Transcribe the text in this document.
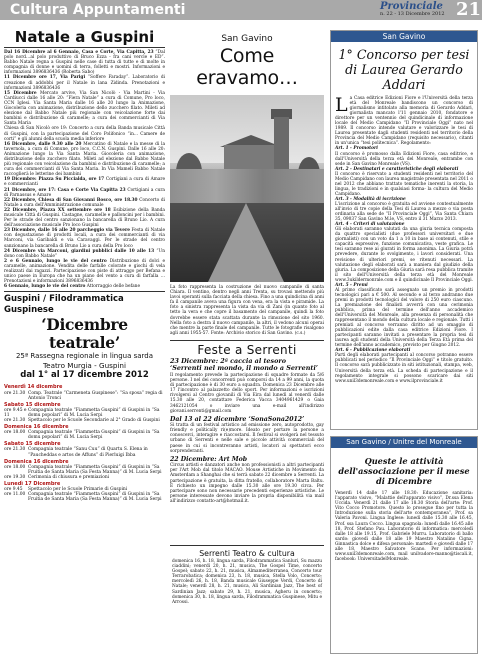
Cultura Appuntamenti	Provinciale
n. 22 - 13 Dicembre 2012 21
Natale a Guspini
Dal 16 Dicembre al 6 Gennaio, Casa e Corte, Via Capitta, 23 “Dal polo nord…al polo produttivo di Bruco Ezza - fra cani vercle e ED”. Babbo Natale regna a Guspini nelle case di tutta di tutte e di molte in compagnia di donne e uomini di terra, folletti e mostri. Informazioni e informazioni 3896836436 (Roberta Sabo)
11 Dicembre ore 17, Via Parigi “Soffere Faraday”. Laboratorio di creazione di addobbi per il Natale in lana Zidinda. Prenotazioni e informazioni 3896836436
15 Dicembre Mercato arvive, Via San Nicolò - Via Martini - Via Cardiucci dalle 16 alle 20: “Fiera Natale” a cura di Comune, Pro loco, CCN Iglesi. Via Santa Maria dalle 16 alle 20 lungo la Animazione, Giocoleria con animazione, distribuzione dello zucchero filato. Mileti ad elezione dal Babbo Natale più regionale con veicolazione forte dai bambini e distribuzione di caramelle; a cura dei commercianti di Via Santa Maria
Chiesa di San Nicolò ore 19: Concerto a cura della Banda musicale Città di Guspini, con la partecipazione del Coro Polifonico “in... Camere de corti” e gli alunni della scuola media inferiore
16 Dicembre, dalle 9.30 alle 20 Mercatino di Natale e la messe di la tavernola, a cura di Comune, pro loco, C.C.N. Guspini. Dalle 16 alle 20: Animazione lungo la Via Santa Maria. Giocoleria con animazione, distribuzione dello zucchero filato. Mileti ad elezione dal Babbo Natale più regionale con veicolazione da bambini e distribuzione di caramelle; a cura dei commercianti di Via Santa Maria. In Via Mameli Babbo Natale raccoglierà le letterine dei bambini
19 Dicembre: Piazza Su Piccialda, ore 17 Cortigiani a cura di Amare e commercianti
21 Dicembre, ore 17: Casa e Corte Via Capitta 23 Cortigiani a cura di Parnassus e Amare
22 Dicembre, Chiesa di San Giovanni Bosco, ore 18.30 Concerto di Natale a cura dell'Amministrazione comunale
22 Dicembre, Piazza XX settembre ore 18 Esibizione della Banda musicale Città di Guspini. Castagne, caramelle e palloncini per i bambini. Per le strade del centro sanzionano la bancarella di Bruno Lio. A cura dell'associazione musicale Pro loco Guspini
23 Dicembre, dalle 16 alle 20 parcheggio via Tevere Festa di Natale con degustazione di prodotti locali, a cura dei commercianti di via Marconi, via Garibaldi e via Caravaggi. Per le strade del centro sanzionano la bancarella di Bruno Lio a cura della Pro loco
24 Dicembre via Marconi, giardini pubblici dalle 10 alle 13 “Un dono con Babbo Natale”
2 e 6 Gennaio, lungo le vie del centro Distribuzione di dolci e caramelle, animazione. Vendita delle farfalle colorate e giochi di vela realizzati dai ragazzi. Partecipazione con piste di attraggo per Befana e unico paese in Europa che ha un piano del vento a cura di farfalla … Prenotazioni e informazioni 3896836436
6 Gennaio, lungo le vie del centro Attorraggio delle befane
Guspini / Filodrammatica Guspinese
‘Dicembre teatrale’
25ª Rassegna regionale in lingua sarda
Teatro Murgia - Guspini
dal 1° al 17 dicembre 2012
Venerdì 14 dicembre	
ore 21.30	Comp. Teatrale “Carmeneta Guspinese”: “Sa sposa” regia di Antonio Tronci
Sabato 15 dicembre	
ore 9.45 e 11	Compagnia teatrale “Fiammetta Guspini” di Guspini in “Sa domu popolari” di M. Lucia Serpi
ore 21.30	Spettacolo per le Scuole Secondarie al 2° Grado di Guspini
Domenica 16 dicembre	
ore 18.00	Compagnia teatrale “Fiammetta Guspini” di Guspini in “Sa domu popolari” di M. Lucia Serpi
Sabato 15 dicembre	
ore 21.30	Compagnia teatrale “Sanu Cuu” di Quartu S. Elena in “Paucheddas e artos de Affuns” di Pierluigi Ibba
Domenica 16 dicembre	
ore 18.00	Compagnia teatrale “Fiammetta Guspini” di Guspini in “Sa Fruitia de Santa Maria (Sa Festa Manna)” di M. Lucia Serpi
ore 19.30	Cerimonia di chiusura e premiazioni
Lunedì 17 Dicembre	
ore 9.45	Spettacolo per le Scuole Primarie di Guspini
ore 11.00	Compagnia teatrale “Fiammetta Guspini” di Guspini in “Sa Fruitia de Santa Maria (Sa Festa Manna)” di M. Lucia Serpi
San Gavino
Come eravamo…
La foto rappresenta la costruzione del nuovo campanile di santa Chiara. Il ventino, dentro negli anni Trenta, su trovasi mettendo più lavoi operanti sulla facciata della chiesa. Fino a una quindicina di anni fa il campanile aveva una figura con vena, era la vista e piramide. La foto a sinistra rappresenta la vista da via di Zani (in quanto foto al tetto la vera e che copre il basamento del campanile, quindi la foto dovrebbe essere stata scattata durante la rimozione del sito 1960. Nella foto a destra il nuovo campanile, la altri, il vedono alcuni operai che mentre la parte finale del campanile. Tutte le fotografie risalgono agli anni 1955-57. Fonte: Archivio storico di San Gavino. (c.s.)
Feste a Serrenti
23 Dicembre: 2ª caccia al tesoro
‘Serrenti nel mondo, il mondo a Serrenti’
Il regolamento prevede la partecipazione di squadre formate da 5/6 persone. I nel dei concorrenti può comporsi da 14 a 99 anni, la quota di partecipazione è di 30 euro a squadra. Domenica 23 Dicembre alle 17 l'incontro al palazzetto dello sport. Per informazioni e iscrizioni rivolgersi al Centro giovanili di Via Eira dal lunedì al venerdì dalle 15.30 alle 20, contattare Federica Vacca 3404961429 o Gaia 3462121054 o inviare una e-mail all'indirizzo giovani.serrenti@gmail.com
Dal 13 al 22 dicembre ‘SonaSona2012’
Si tratta di un festival artistico ad emissione zero, autoprodotto, gay friendly e politically ri(e)more. Ideato per portare la persone a conoscerci, interagire e riaccostarsi. Il festival si svolgerà nel tessuto urbano di Serrenti e nelle sale e piccole attività commerciali del paese in cui si incontreranno artisti, locatori ai spettatori ecco sorprenderanti.
22 Dicembre: Art Mob
Circus artisti e danzatori anche non professionisti a altri partecipanti per l'Art Mob dal titolo MACAO. Mouse Artistiche in Movimento da Amsterdam a Shanghai che si terrà sabato 22 dicembre a Serrenti. La partecipazione è gratuita, la ditta fratello, collaboratore Marta Baltu. È richiesto un impegno dalle 15.30 alle ore 19.30 circa. Per partecipare sono non necessarie precedenti esperienze artistiche. Le persone interessate devono inviare la propria disponibilità via mail all'indirizzo contatto-art@hotmail.it.
Serrenti Teatro & cultura
domenica 16, h. 18, lingua sarda, Filodrammatica Sanluri, Su mazzu ciaddini; venerdì 20, h. 21, musica, The Gospel Time, concerto Gospel; sabato 22, h. 21, musica, Almamediterranea, Concerto tour Terrarobatica; domenica 23, h. 18, musica, Stella Volo, Concerto; mercoledì 26, h. 18, Banda musicale Giuseppe Verdi, Concerto di Natale; venerdì 28, h. 21, musica, Ali Sardinian Jazz, The best of Sardinian Jazz; sabato 29, h. 21, musica, Agheru in concerto; domenica 30, h. 18, lingua sarda, Filodrammatica Guspinese, Mitu e Arrossi.
San Gavino
1° Concorso per tesi di Laurea Gerardo Addari
La Casa editrice Edizioni Fiore e l'Università della terza età del Monreale bandiscono un concorso di giornalismo intitolato alla memoria di Gerardo Addari, giornalista mancato l'11 gennaio 2010, fondatore e direttore per un ventennio del quindicinale di informazione locale del Medio Campidano “Il Provinciale Oggi” nato nel 1989. Il concorso intende valutare e valorizzare le tesi di Laurea presentate dagli studenti residenti nel territorio della Provincia del Medio Campidano (requisito necessario), citanti in un'unica “tesi politecnica”. Regolamento:
Art. 1 - Promotori
Il concorso è promosso dalla Edizioni Fiore, casa editrice, e dall'Università della terza età del Monreale, entrambe con sede in San Gavino Monreale (VS).
Art. 2 - Destinatari e caratteristiche degli elaborati
Il concorso è riservato a studenti residenti nel territorio del Medio Campidano con laurea magistrale presentata nel 2011 o nel 2012 che abbiano trattato tematiche inerenti la storia, la lingua, le tradizioni e in qualsiasi forma- la cultura del Medio Campidano.
Art. 3 - Modalità di iscrizione
L'iscrizione al concorso è gratuita ed avviene contestualmente all'invio di tre copie della Tesi di Laurea a mezzo o via posta ordinaria alla sede de “Il Provinciale Oggi”, Via Santa Chiara 35, 09037 San Gavino M.le, VS, entro il 31 Marzo 2013.
Art. 4 - Criteri di valutazione
Gli elaborati saranno valutati da una giuria tecnica composta da quattro specialisti (due professori universitari e due giornalisti) con un voto da 1 a 10 in base ai contenuti, stile e capacità espressive, funzione comunicativa, veste grafica. Le tesi saranno rese ai giurati in forma anonima. La Giuria potrà prevedere, durante lo svolgimento, i lavori considerati. Una revisione di ulteriori premi, se ritenuti necessari. La valutazione degli elaborati sarà a maniera dal giudizio della giuria. La composizione della Giuria sarà resa pubblica tramite il sito dell'Università della terza età del Monreale www.3ukildermonrale.com e il quindicinale Il Provinciale Oggi.
Art. 5 - Premi
Al primo classificato sarà assegnato un premio in prodotti tecnologici pari a € 500. Al secondo e al terzo andranno due premi in prodotti tecnologici del valore di 250 euro ciascuno. La premiazione dei finalisti avverrà con una cerimonia pubblica, prima del termine dell'anno accademico dell'Università del Monreale, alla presenza di personalità che rappresentano il mondo della cultura locale e regionale. Tutti i premiati al concorso verranno diritto ad un omaggio di pubblicazioni edite dalla casa editrice Edizioni Fiore. I partecipanti saranno invitati a presentare la propria tesi di laurea agli studenti della Università della Terza Età prima del termine dell'anno accademico, previsto per Giugno 2012.
Art. 6 - Pubblicazione elaborati
Parti degli elaborati partecipanti al concorso potranno essere pubblicati nel periodico “Il Provinciale Oggi” e titolo gratuito. Il concorso sarà pubblicizzato in siti istituzionali, stampa, web, Università della terza età. La scheda di partecipazione e il regolamento integrale si possono scaricare dai siti www.unil3demonreale.com e www.ilprovinciale.it
San Gavino / Unitre del Monreale
Queste le attività dell'associazione per il mese di Dicembre
Venerdì 14 dalle 17 alle 18.30: Educazione sanitaria: l'apparato visivo, “Malattie dell'apparato visivo”, Dr.ssa Elena Uccida. Venerdì 21 dalle 17 alle 18.30 Storia dell'arte: Prof. Vito Cocco Promotore. Questo lo prosegue fino per tutta la Introduzione sulla storia dell'arte contemporanea”, Prof. sa Valeria Pavoni. Lingua Inglese: lunedì dalle 15.30 alle 16.45, Prof. ssa Laura Cocco. Lingua spagnola: lunedì dalle 16.45 alle 18, Prof. Stefano Pau. Laboratorio di informatica: mercoledì dalle 18 alle 19.15, Prof. Gabriele Murru. Laboratorio di ballo sardo: giovedì dalle 18 alle 19 Maestro Natalino Cigna. Ginnastica dolce e difesa personale: martedì e giovedì dalle 17 alle 18, Maestro Salvatore Scano. Per informazioni: www.unil3demonreale.com, mail unilvadore-manno@tiscali.it, facebook: UniversitadelMonreale.
